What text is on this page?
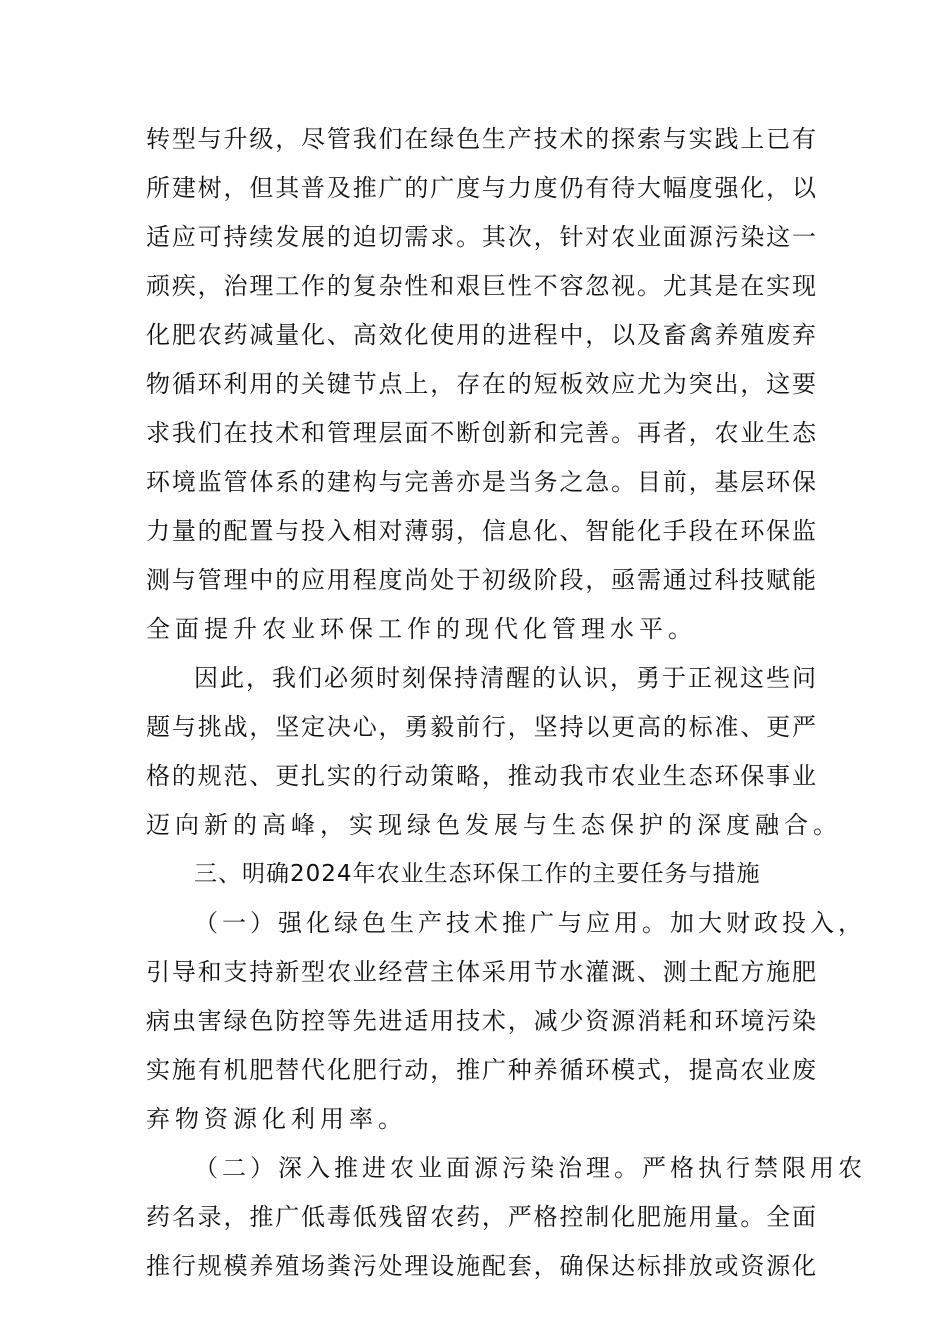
转型与升级，尽管我们在绿色生产技术的探索与实践上已有
所建树，但其普及推广的广度与力度仍有待大幅度强化，以
适应可持续发展的迫切需求。其次，针对农业面源污染这一
顽疾，治理工作的复杂性和艰巨性不容忽视。尤其是在实现
化肥农药减量化、高效化使用的进程中，以及畜禽养殖废弃
物循环利用的关键节点上，存在的短板效应尤为突出，这要
求我们在技术和管理层面不断创新和完善。再者，农业生态
环境监管体系的建构与完善亦是当务之急。目前，基层环保
力量的配置与投入相对薄弱，信息化、智能化手段在环保监
测与管理中的应用程度尚处于初级阶段，亟需通过科技赋能
全面提升农业环保工作的现代化管理水平。
因此，我们必须时刻保持清醒的认识，勇于正视这些问
题与挑战，坚定决心，勇毅前行，坚持以更高的标准、更严
格的规范、更扎实的行动策略，推动我市农业生态环保事业
迈向新的高峰，实现绿色发展与生态保护的深度融合。
三、明确2024年农业生态环保工作的主要任务与措施
（一）强化绿色生产技术推广与应用。加大财政投入，
引导和支持新型农业经营主体采用节水灌溉、测土配方施肥
病虫害绿色防控等先进适用技术，减少资源消耗和环境污染
实施有机肥替代化肥行动，推广种养循环模式，提高农业废
弃物资源化利用率。
（二）深入推进农业面源污染治理。严格执行禁限用农
药名录，推广低毒低残留农药，严格控制化肥施用量。全面
推行规模养殖场粪污处理设施配套，确保达标排放或资源化
